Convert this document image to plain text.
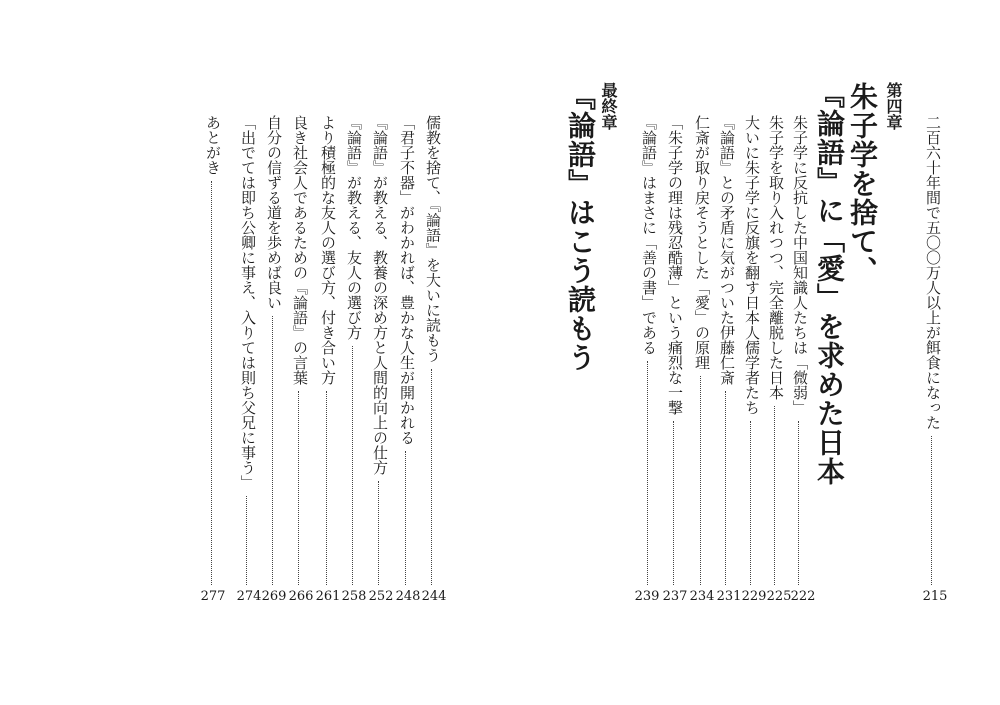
二百六十年間で五〇〇万人以上が餌食になった
215
第四章
朱子学を捨て、
『論語』に「愛」を求めた日本
朱子学に反抗した中国知識人たちは「微弱」
222
朱子学を取り入れつつ、完全離脱した日本
225
大いに朱子学に反旗を翻す日本人儒学者たち
229
『論語』との矛盾に気がついた伊藤仁斎
231
仁斎が取り戻そうとした「愛」の原理
234
「朱子学の理は残忍酷薄」という痛烈な一撃
237
『論語』はまさに「善の書」である
239
最終章
『論語』はこう読もう
儒教を捨て、『論語』を大いに読もう
244
「君子不器」がわかれば、豊かな人生が開かれる
248
『論語』が教える、教養の深め方と人間的向上の仕方
252
『論語』が教える、友人の選び方
258
より積極的な友人の選び方、付き合い方
261
良き社会人であるための『論語』の言葉
266
自分の信ずる道を歩めば良い
269
「出でては即ち公卿に事え、入りては則ち父兄に事う」
274
あとがき
277
